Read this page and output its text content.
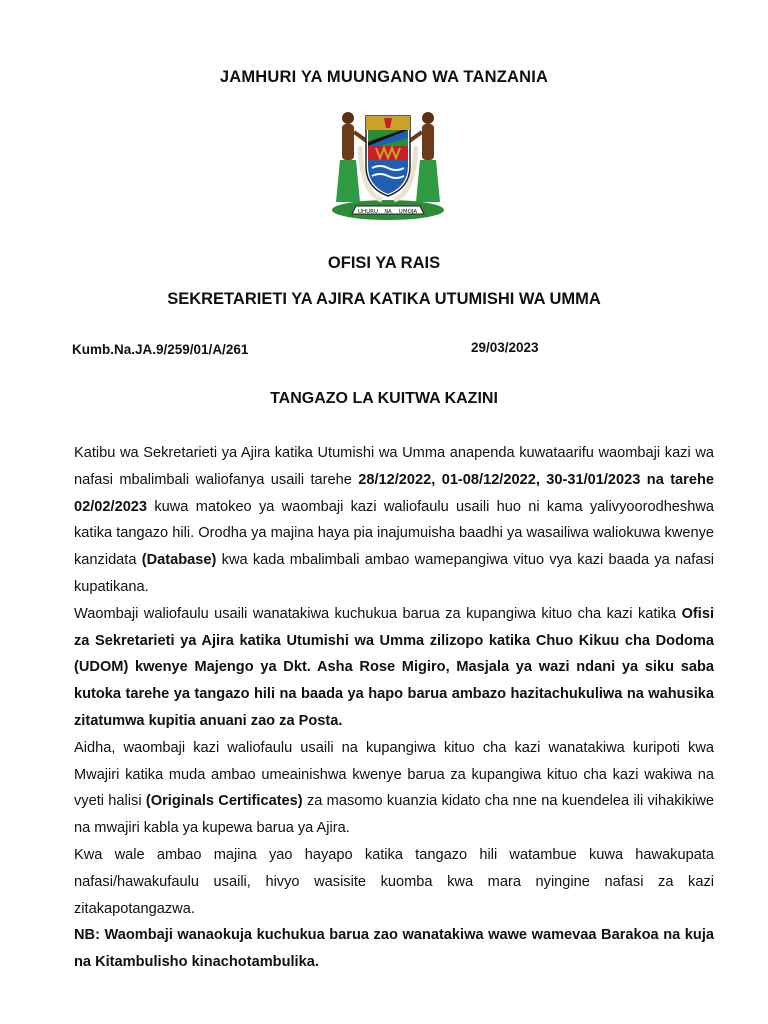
JAMHURI YA MUUNGANO WA TANZANIA
UHURU NA UMOJA
OFISI YA RAIS
SEKRETARIETI YA AJIRA KATIKA UTUMISHI WA UMMA
Kumb.Na.JA.9/259/01/A/261	29/03/2023
TANGAZO LA KUITWA KAZINI

Katibu wa Sekretarieti ya Ajira katika Utumishi wa Umma anapenda kuwataarifu waombaji kazi wa nafasi mbalimbali waliofanya usaili tarehe 28/12/2022, 01-08/12/2022, 30-31/01/2023 na tarehe 02/02/2023 kuwa matokeo ya waombaji kazi waliofaulu usaili huo ni kama yalivyoorodheshwa katika tangazo hili. Orodha ya majina haya pia inajumuisha baadhi ya wasailiwa waliokuwa kwenye kanzidata (Database) kwa kada mbalimbali ambao wamepangiwa vituo vya kazi baada ya nafasi kupatikana.

Waombaji waliofaulu usaili wanatakiwa kuchukua barua za kupangiwa kituo cha kazi katika Ofisi za Sekretarieti ya Ajira katika Utumishi wa Umma zilizopo katika Chuo Kikuu cha Dodoma (UDOM) kwenye Majengo ya Dkt. Asha Rose Migiro, Masjala ya wazi ndani ya siku saba kutoka tarehe ya tangazo hili na baada ya hapo barua ambazo hazitachukuliwa na wahusika zitatumwa kupitia anuani zao za Posta.

Aidha, waombaji kazi waliofaulu usaili na kupangiwa kituo cha kazi wanatakiwa kuripoti kwa Mwajiri katika muda ambao umeainishwa kwenye barua za kupangiwa kituo cha kazi wakiwa na vyeti halisi (Originals Certificates) za masomo kuanzia kidato cha nne na kuendelea ili vihakikiwe na mwajiri kabla ya kupewa barua ya Ajira.

Kwa wale ambao majina yao hayapo katika tangazo hili watambue kuwa hawakupata nafasi/hawakufaulu usaili, hivyo wasisite kuomba kwa mara nyingine nafasi za kazi zitakapotangazwa.

NB: Waombaji wanaokuja kuchukua barua zao wanatakiwa wawe wamevaa Barakoa na kuja na Kitambulisho kinachotambulika.
